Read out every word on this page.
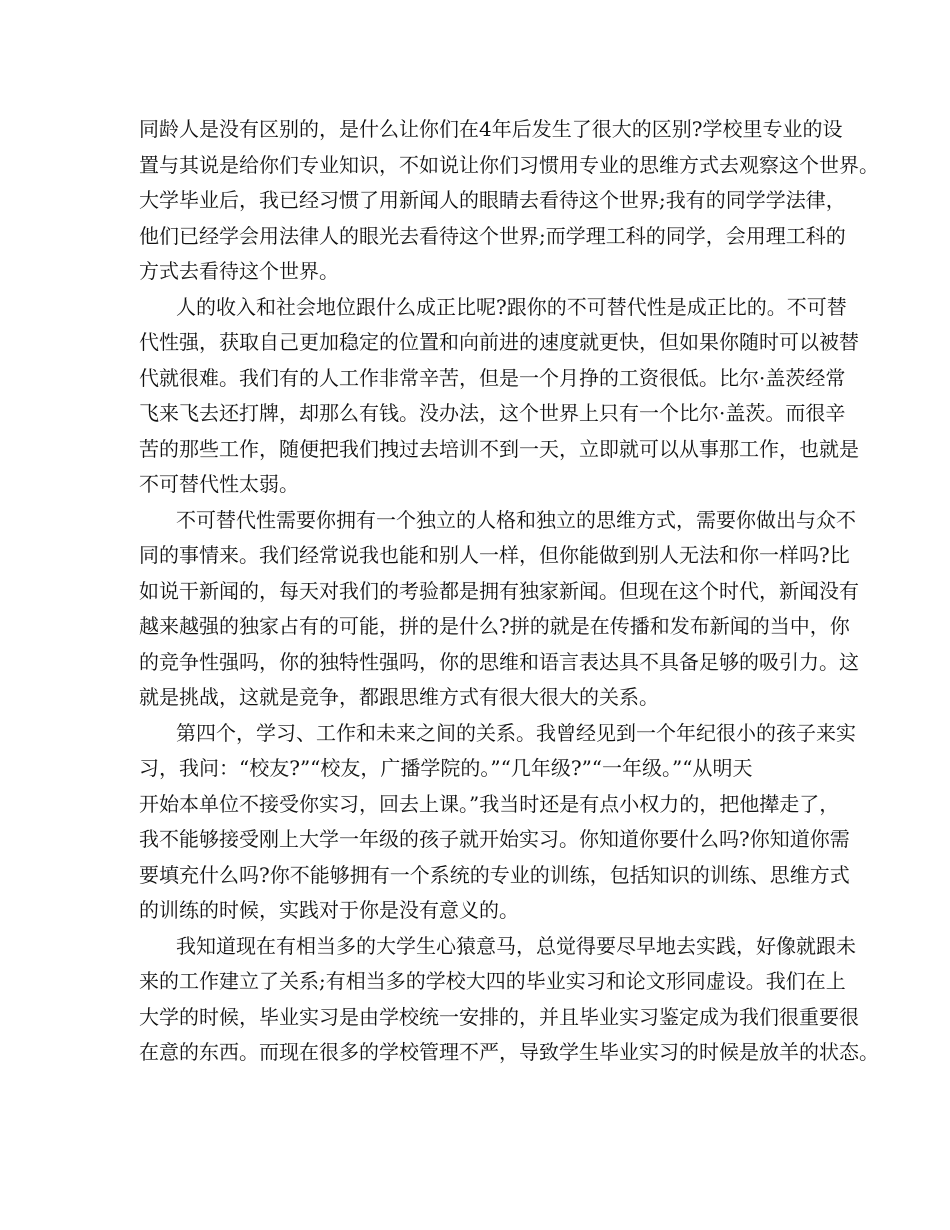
同龄人是没有区别的，是什么让你们在4年后发生了很大的区别?学校里专业的设
置与其说是给你们专业知识，不如说让你们习惯用专业的思维方式去观察这个世界。
大学毕业后，我已经习惯了用新闻人的眼睛去看待这个世界;我有的同学学法律，
他们已经学会用法律人的眼光去看待这个世界;而学理工科的同学，会用理工科的
方式去看待这个世界。
人的收入和社会地位跟什么成正比呢?跟你的不可替代性是成正比的。不可替
代性强，获取自己更加稳定的位置和向前进的速度就更快，但如果你随时可以被替
代就很难。我们有的人工作非常辛苦，但是一个月挣的工资很低。比尔·盖茨经常
飞来飞去还打牌，却那么有钱。没办法，这个世界上只有一个比尔·盖茨。而很辛
苦的那些工作，随便把我们拽过去培训不到一天，立即就可以从事那工作，也就是
不可替代性太弱。
不可替代性需要你拥有一个独立的人格和独立的思维方式，需要你做出与众不
同的事情来。我们经常说我也能和别人一样，但你能做到别人无法和你一样吗?比
如说干新闻的，每天对我们的考验都是拥有独家新闻。但现在这个时代，新闻没有
越来越强的独家占有的可能，拼的是什么?拼的就是在传播和发布新闻的当中，你
的竞争性强吗，你的独特性强吗，你的思维和语言表达具不具备足够的吸引力。这
就是挑战，这就是竞争，都跟思维方式有很大很大的关系。
第四个，学习、工作和未来之间的关系。我曾经见到一个年纪很小的孩子来实
习，我问：“校友?”“校友，广播学院的。”“几年级?”“一年级。”“从明天
开始本单位不接受你实习，回去上课。”我当时还是有点小权力的，把他撵走了，
我不能够接受刚上大学一年级的孩子就开始实习。你知道你要什么吗?你知道你需
要填充什么吗?你不能够拥有一个系统的专业的训练，包括知识的训练、思维方式
的训练的时候，实践对于你是没有意义的。
我知道现在有相当多的大学生心猿意马，总觉得要尽早地去实践，好像就跟未
来的工作建立了关系;有相当多的学校大四的毕业实习和论文形同虚设。我们在上
大学的时候，毕业实习是由学校统一安排的，并且毕业实习鉴定成为我们很重要很
在意的东西。而现在很多的学校管理不严，导致学生毕业实习的时候是放羊的状态。
